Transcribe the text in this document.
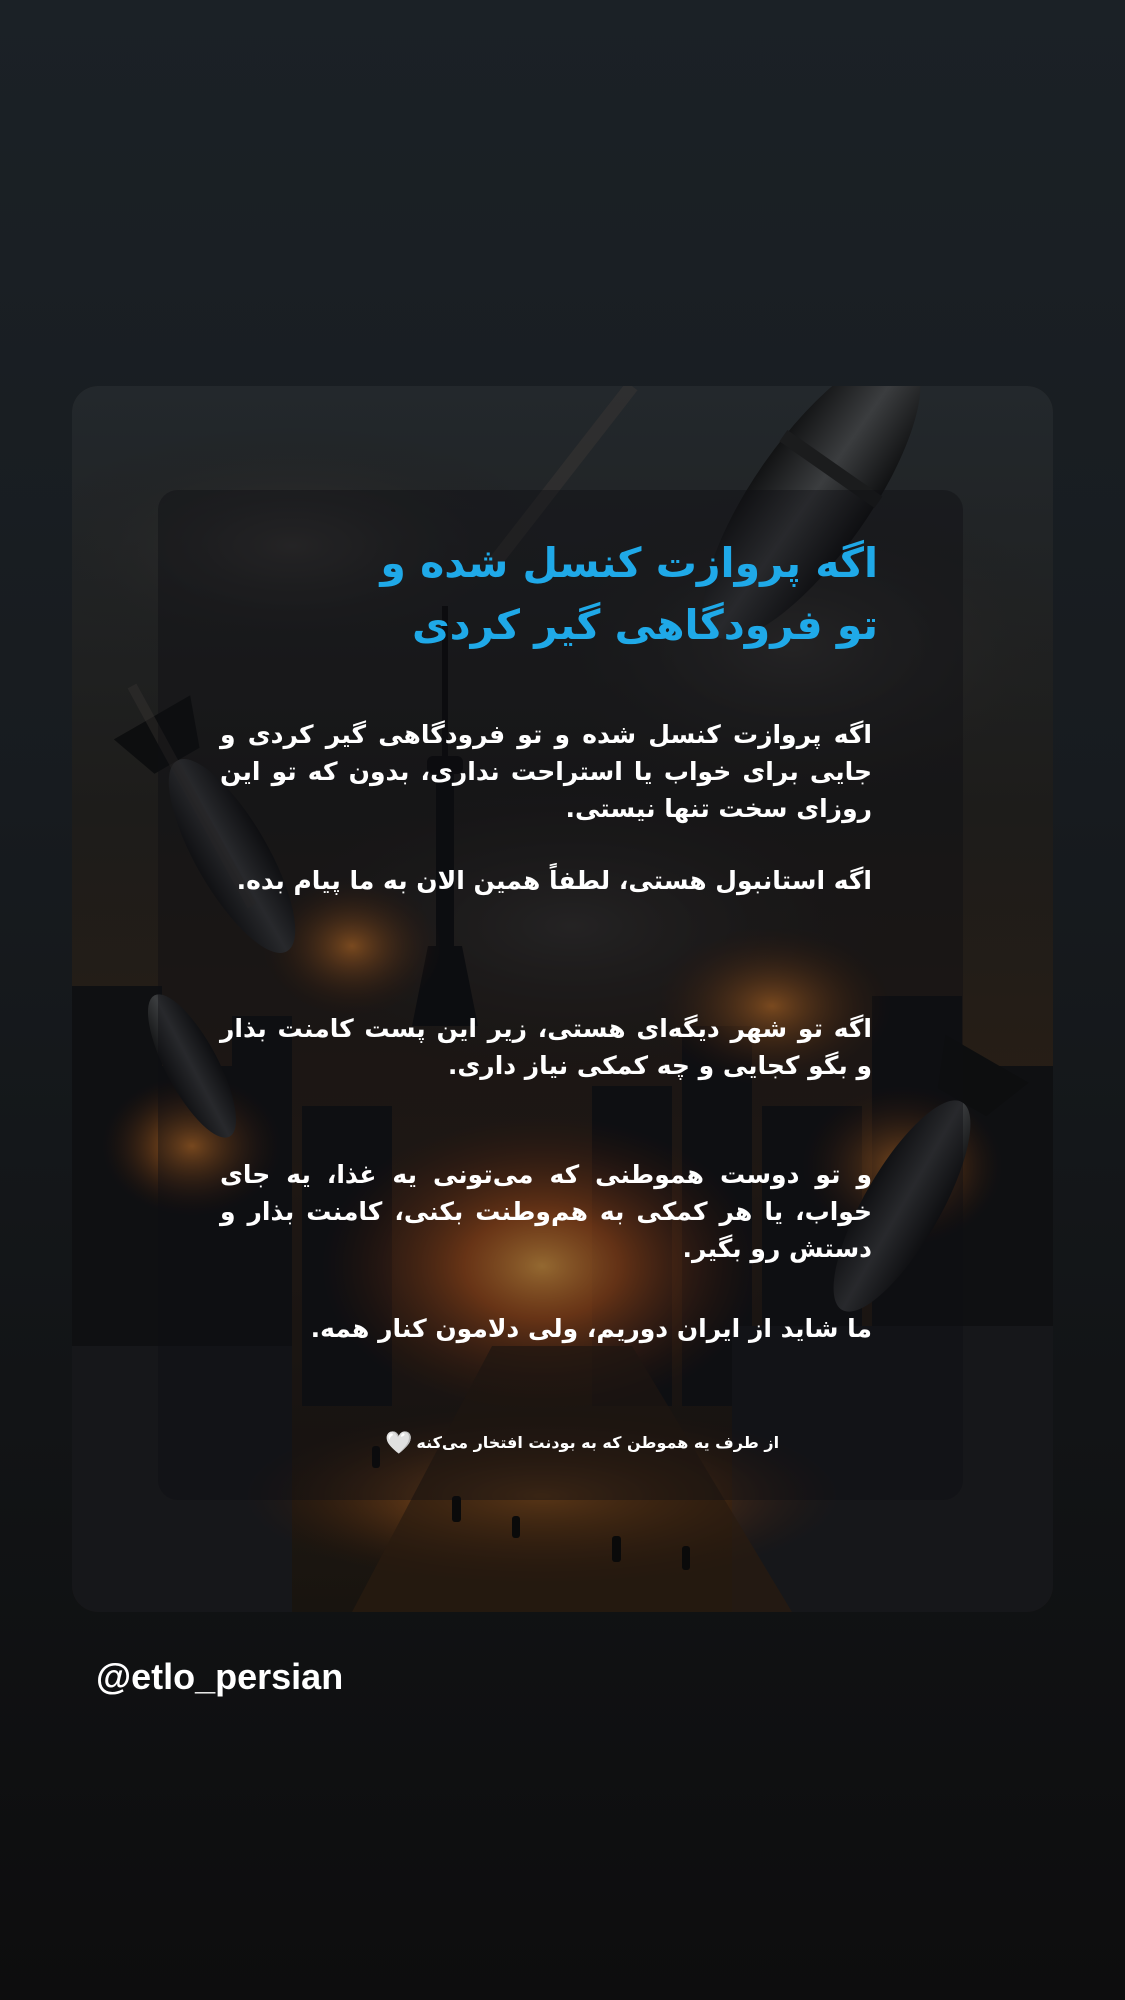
اگه پروازت کنسل شده و
تو فرودگاهی گیر کردی

اگه پروازت کنسل شده و تو فرودگاهی گیر کردی و جایی برای خواب یا استراحت نداری، بدون که تو این روزای سخت تنها نیستی.

اگه استانبول هستی، لطفاً همین الان به ما پیام بده.

اگه تو شهر دیگه‌ای هستی، زیر این پست کامنت بذار و بگو کجایی و چه کمکی نیاز داری.

و تو دوست هموطنی که می‌تونی یه غذا، یه جای خواب، یا هر کمکی به هم‌وطنت بکنی، کامنت بذار و دستش رو بگیر.

ما شاید از ایران دوریم، ولی دلامون کنار همه.

از طرف یه هموطن که به بودنت افتخار می‌کنه🤍

@etlo_persian
